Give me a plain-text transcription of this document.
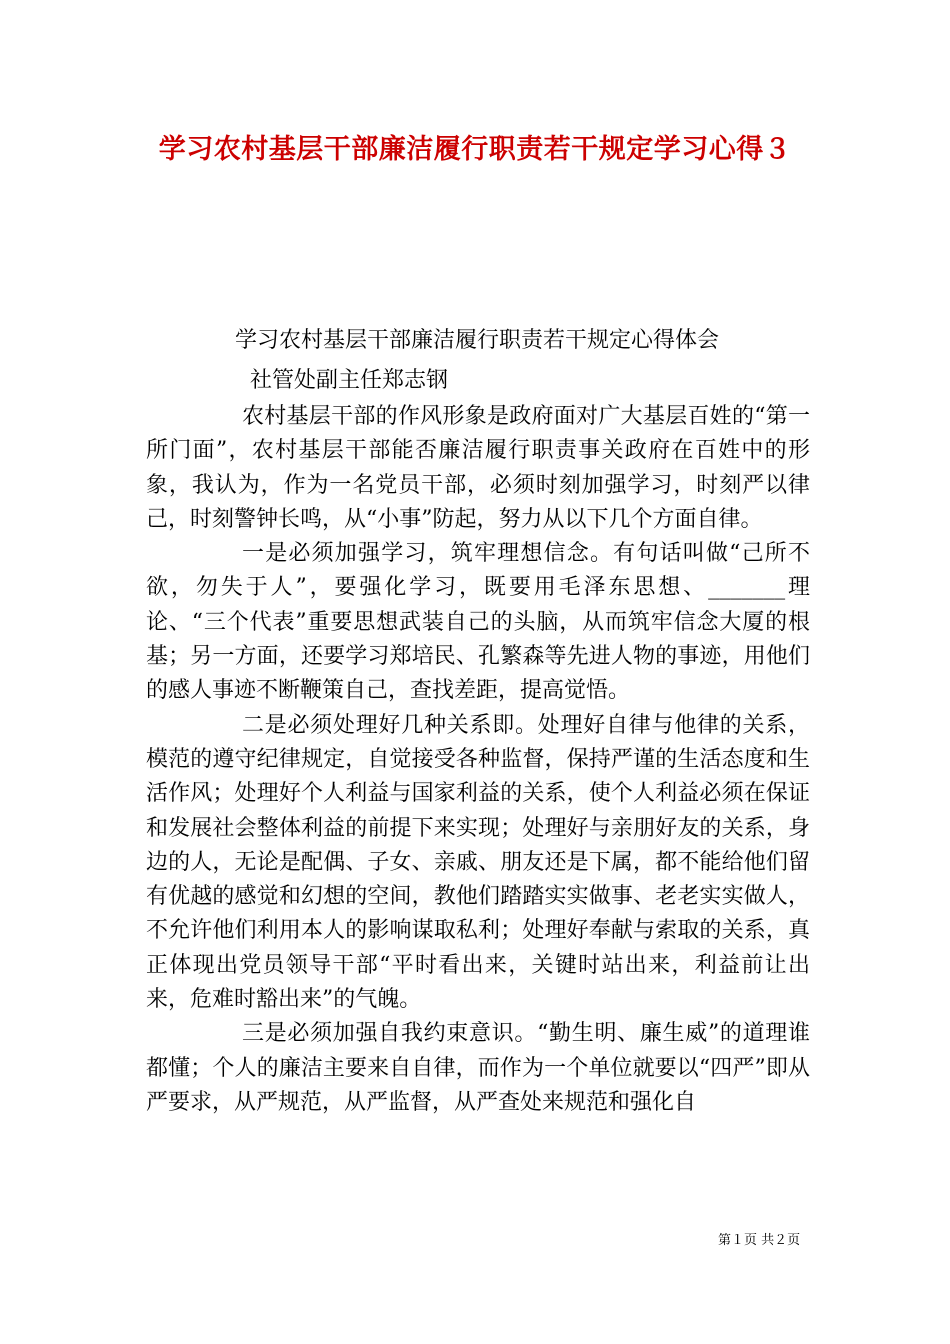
学习农村基层干部廉洁履行职责若干规定学习心得３

学习农村基层干部廉洁履行职责若干规定心得体会

社管处副主任郑志钢

农村基层干部的作风形象是政府面对广大基层百姓的“第一所门面”，农村基层干部能否廉洁履行职责事关政府在百姓中的形象，我认为，作为一名党员干部，必须时刻加强学习，时刻严以律己，时刻警钟长鸣，从“小事”防起，努力从以下几个方面自律。

一是必须加强学习，筑牢理想信念。有句话叫做“己所不欲，勿失于人”，要强化学习，既要用毛泽东思想、_______理论、“三个代表”重要思想武装自己的头脑，从而筑牢信念大厦的根基；另一方面，还要学习郑培民、孔繁森等先进人物的事迹，用他们的感人事迹不断鞭策自己，查找差距，提高觉悟。

二是必须处理好几种关系即。处理好自律与他律的关系，模范的遵守纪律规定，自觉接受各种监督，保持严谨的生活态度和生活作风；处理好个人利益与国家利益的关系，使个人利益必须在保证和发展社会整体利益的前提下来实现；处理好与亲朋好友的关系，身边的人，无论是配偶、子女、亲戚、朋友还是下属，都不能给他们留有优越的感觉和幻想的空间，教他们踏踏实实做事、老老实实做人，不允许他们利用本人的影响谋取私利；处理好奉献与索取的关系，真正体现出党员领导干部“平时看出来，关键时站出来，利益前让出来，危难时豁出来”的气魄。

三是必须加强自我约束意识。“勤生明、廉生威”的道理谁都懂；个人的廉洁主要来自自律，而作为一个单位就要以“四严”即从严要求，从严规范，从严监督，从严查处来规范和强化自

第１页 共２页
